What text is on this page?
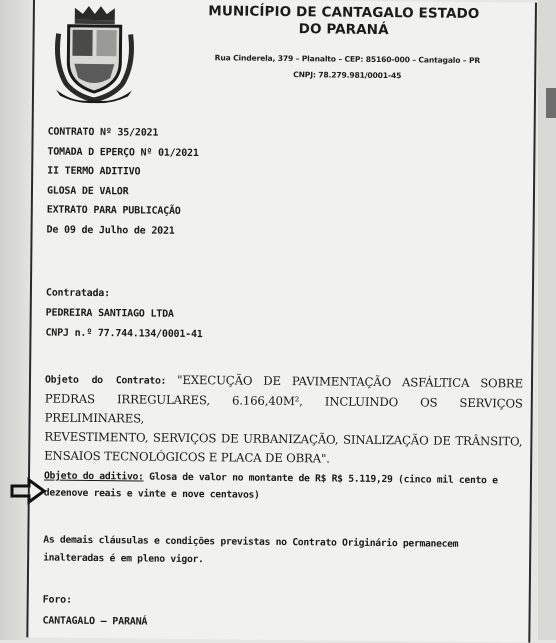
MUNICÍPIO DE CANTAGALO ESTADO
DO PARANÁ
Rua Cinderela, 379 – Planalto – CEP: 85160-000 – Cantagalo – PR
CNPJ: 78.279.981/0001-45
CONTRATO Nº 35/2021
TOMADA D EPERÇO Nº 01/2021
II TERMO ADITIVO
GLOSA DE VALOR
EXTRATO PARA PUBLICAÇÃO
De 09 de Julho de 2021
Contratada:
PEDREIRA SANTIAGO LTDA
CNPJ n.º 77.744.134/0001-41

Objeto do Contrato: "EXECUÇÃO DE PAVIMENTAÇÃO ASFÁLTICA SOBRE
PEDRAS IRREGULARES, 6.166,40M², INCLUINDO OS SERVIÇOS PRELIMINARES,
REVESTIMENTO, SERVIÇOS DE URBANIZAÇÃO, SINALIZAÇÃO DE TRÂNSITO,
ENSAIOS TECNOLÓGICOS E PLACA DE OBRA".

Objeto do aditivo: Glosa de valor no montante de R$ R$ 5.119,29 (cinco mil cento e dezenove reais e vinte e nove centavos)

As demais cláusulas e condições previstas no Contrato Originário permanecem inalteradas é em pleno vigor.

Foro:
CANTAGALO – PARANÁ
